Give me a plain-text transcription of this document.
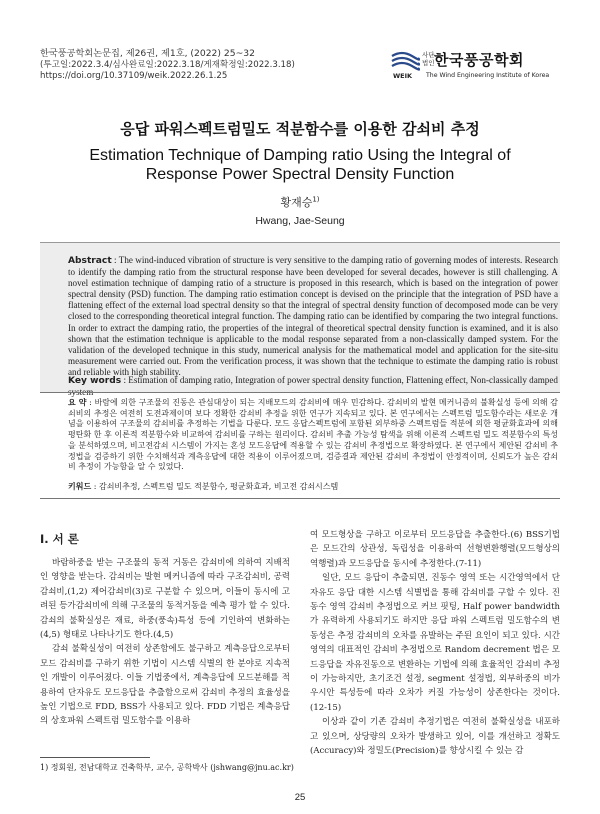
한국풍공학회논문집, 제26권, 제1호, (2022) 25~32
(투고일:2022.3.4/심사완료일:2022.3.18/게재확정일:2022.3.18)
https://doi.org/10.37109/weik.2022.26.1.25
사단
법인 한국풍공학회
WEIK The Wind Engineering Institute of Korea
응답 파워스펙트럼밀도 적분함수를 이용한 감쇠비 추정
Estimation Technique of Damping ratio Using the Integral of
Response Power Spectral Density Function
황재승$^{1)}$
Hwang, Jae-Seung
Abstract : The wind-induced vibration of structure is very sensitive to the damping ratio of governing modes of interests. Research to identify the damping ratio from the structural response have been developed for several decades, however is still challenging. A novel estimation technique of damping ratio of a structure is proposed in this research, which is based on the integration of power spectral density (PSD) function. The damping ratio estimation concept is devised on the principle that the integration of PSD have a flattening effect of the external load spectral density so that the integral of spectral density function of decomposed mode can be very closed to the corresponding theoretical integral function. The damping ratio can be identified by comparing the two integral functions. In order to extract the damping ratio, the properties of the integral of theoretical spectral density function is examined, and it is also shown that the estimation technique is applicable to the modal response separated from a non-classically damped system. For the validation of the developed technique in this study, numerical analysis for the mathematical model and application for the site-situ measurement were carried out. From the verification process, it was shown that the technique to estimate the damping ratio is robust and reliable with high stability.
Key words : Estimation of damping ratio, Integration of power spectral density function, Flattening effect, Non-classically damped system
요 약 : 바람에 의한 구조물의 진동은 관심대상이 되는 지배모드의 감쇠비에 매우 민감하다. 감쇠비의 발현 메커니즘의 불확실성 등에 의해 감쇠비의 추정은 여전히 도전과제이며 보다 정확한 감쇠비 추정을 위한 연구가 지속되고 있다. 본 연구에서는 스펙트럼 밀도함수라는 새로운 개념을 이용하여 구조물의 감쇠비를 추정하는 기법을 다룬다. 모드 응답스펙트럼에 포함된 외부하중 스펙트럼들 적분에 의한 평균화효과에 의해 평탄화 한 후 이론적 적분함수와 비교하여 감쇠비를 구하는 원리이다. 감쇠비 추출 가능성 탐색을 위해 이론적 스펙트럼 밀도 적분함수의 특성을 분석하였으며, 비고전감쇠 시스템이 가지는 혼성 모드응답에 적용할 수 있는 감쇠비 추정법으로 확장하였다. 본 연구에서 제안된 감쇠비 추정법을 검증하기 위한 수치해석과 계측응답에 대한 적용이 이루어졌으며, 검증결과 제안된 감쇠비 추정법이 안정적이며, 신뢰도가 높은 감쇠비 추정이 가능함을 알 수 있었다.
키워드 : 감쇠비추정, 스펙트럼 밀도 적분함수, 평균화효과, 비고전 감쇠시스템
Ⅰ. 서 론

바람하중을 받는 구조물의 동적 거동은 감쇠비에 의하여 지배적인 영향을 받는다. 감쇠비는 발현 메커니즘에 따라 구조감쇠비, 공력감쇠비,(1,2) 제어감쇠비(3)로 구분할 수 있으며, 이들이 동시에 고려된 등가감쇠비에 의해 구조물의 동적거동을 예측 평가 할 수 있다. 감쇠의 불확실성은 재료, 하중(풍속)특성 등에 기인하여 변화하는(4,5) 형태로 나타나기도 한다.(4,5)

감쇠 불확실성이 여전히 상존함에도 불구하고 계측응답으로부터 모드 감쇠비를 구하기 위한 기법이 시스템 식별의 한 분야로 지속적인 개발이 이루어졌다. 이들 기법중에서, 계측응답에 모드분해를 적용하여 단자유도 모드응답을 추출함으로써 감쇠비 추정의 효율성을 높인 기법으로 FDD, BSS가 사용되고 있다. FDD 기법은 계측응답의 상호파워 스펙트럼 밀도함수를 이용하

여 모드형상을 구하고 이로부터 모드응답을 추출한다.(6) BSS기법은 모드간의 상관성, 독립성을 이용하여 선형변환행렬(모드형상의 역행렬)과 모드응답을 동시에 추정한다.(7-11)

일단, 모드 응답이 추출되면, 진동수 영역 또는 시간영역에서 단자유도 응답 대한 시스템 식별법을 통해 감쇠비를 구할 수 있다. 진동수 영역 감쇠비 추정법으로 커브 핏팅, Half power bandwidth가 유력하게 사용되기도 하지만 응답 파워 스펙트럼 밀도함수의 변동성은 추정 감쇠비의 오차를 유발하는 주된 요인이 되고 있다. 시간영역의 대표적인 감쇠비 추정법으로 Random decrement 법은 모드응답을 자유진동으로 변환하는 기법에 의해 효율적인 감쇠비 추정이 가능하지만, 초기조건 설정, segment 설정법, 외부하중의 비가우시안 특성등에 따라 오차가 커질 가능성이 상존한다는 것이다.(12-15)

이상과 같이 기존 감쇠비 추정기법은 여전히 불확실성을 내포하고 있으며, 상당량의 오차가 발생하고 있어, 이를 개선하고 정확도(Accuracy)와 정밀도(Precision)를 향상시킬 수 있는 감

25
1) 정회원, 전남대학교 건축학부, 교수, 공학박사 (jshwang@jnu.ac.kr)
